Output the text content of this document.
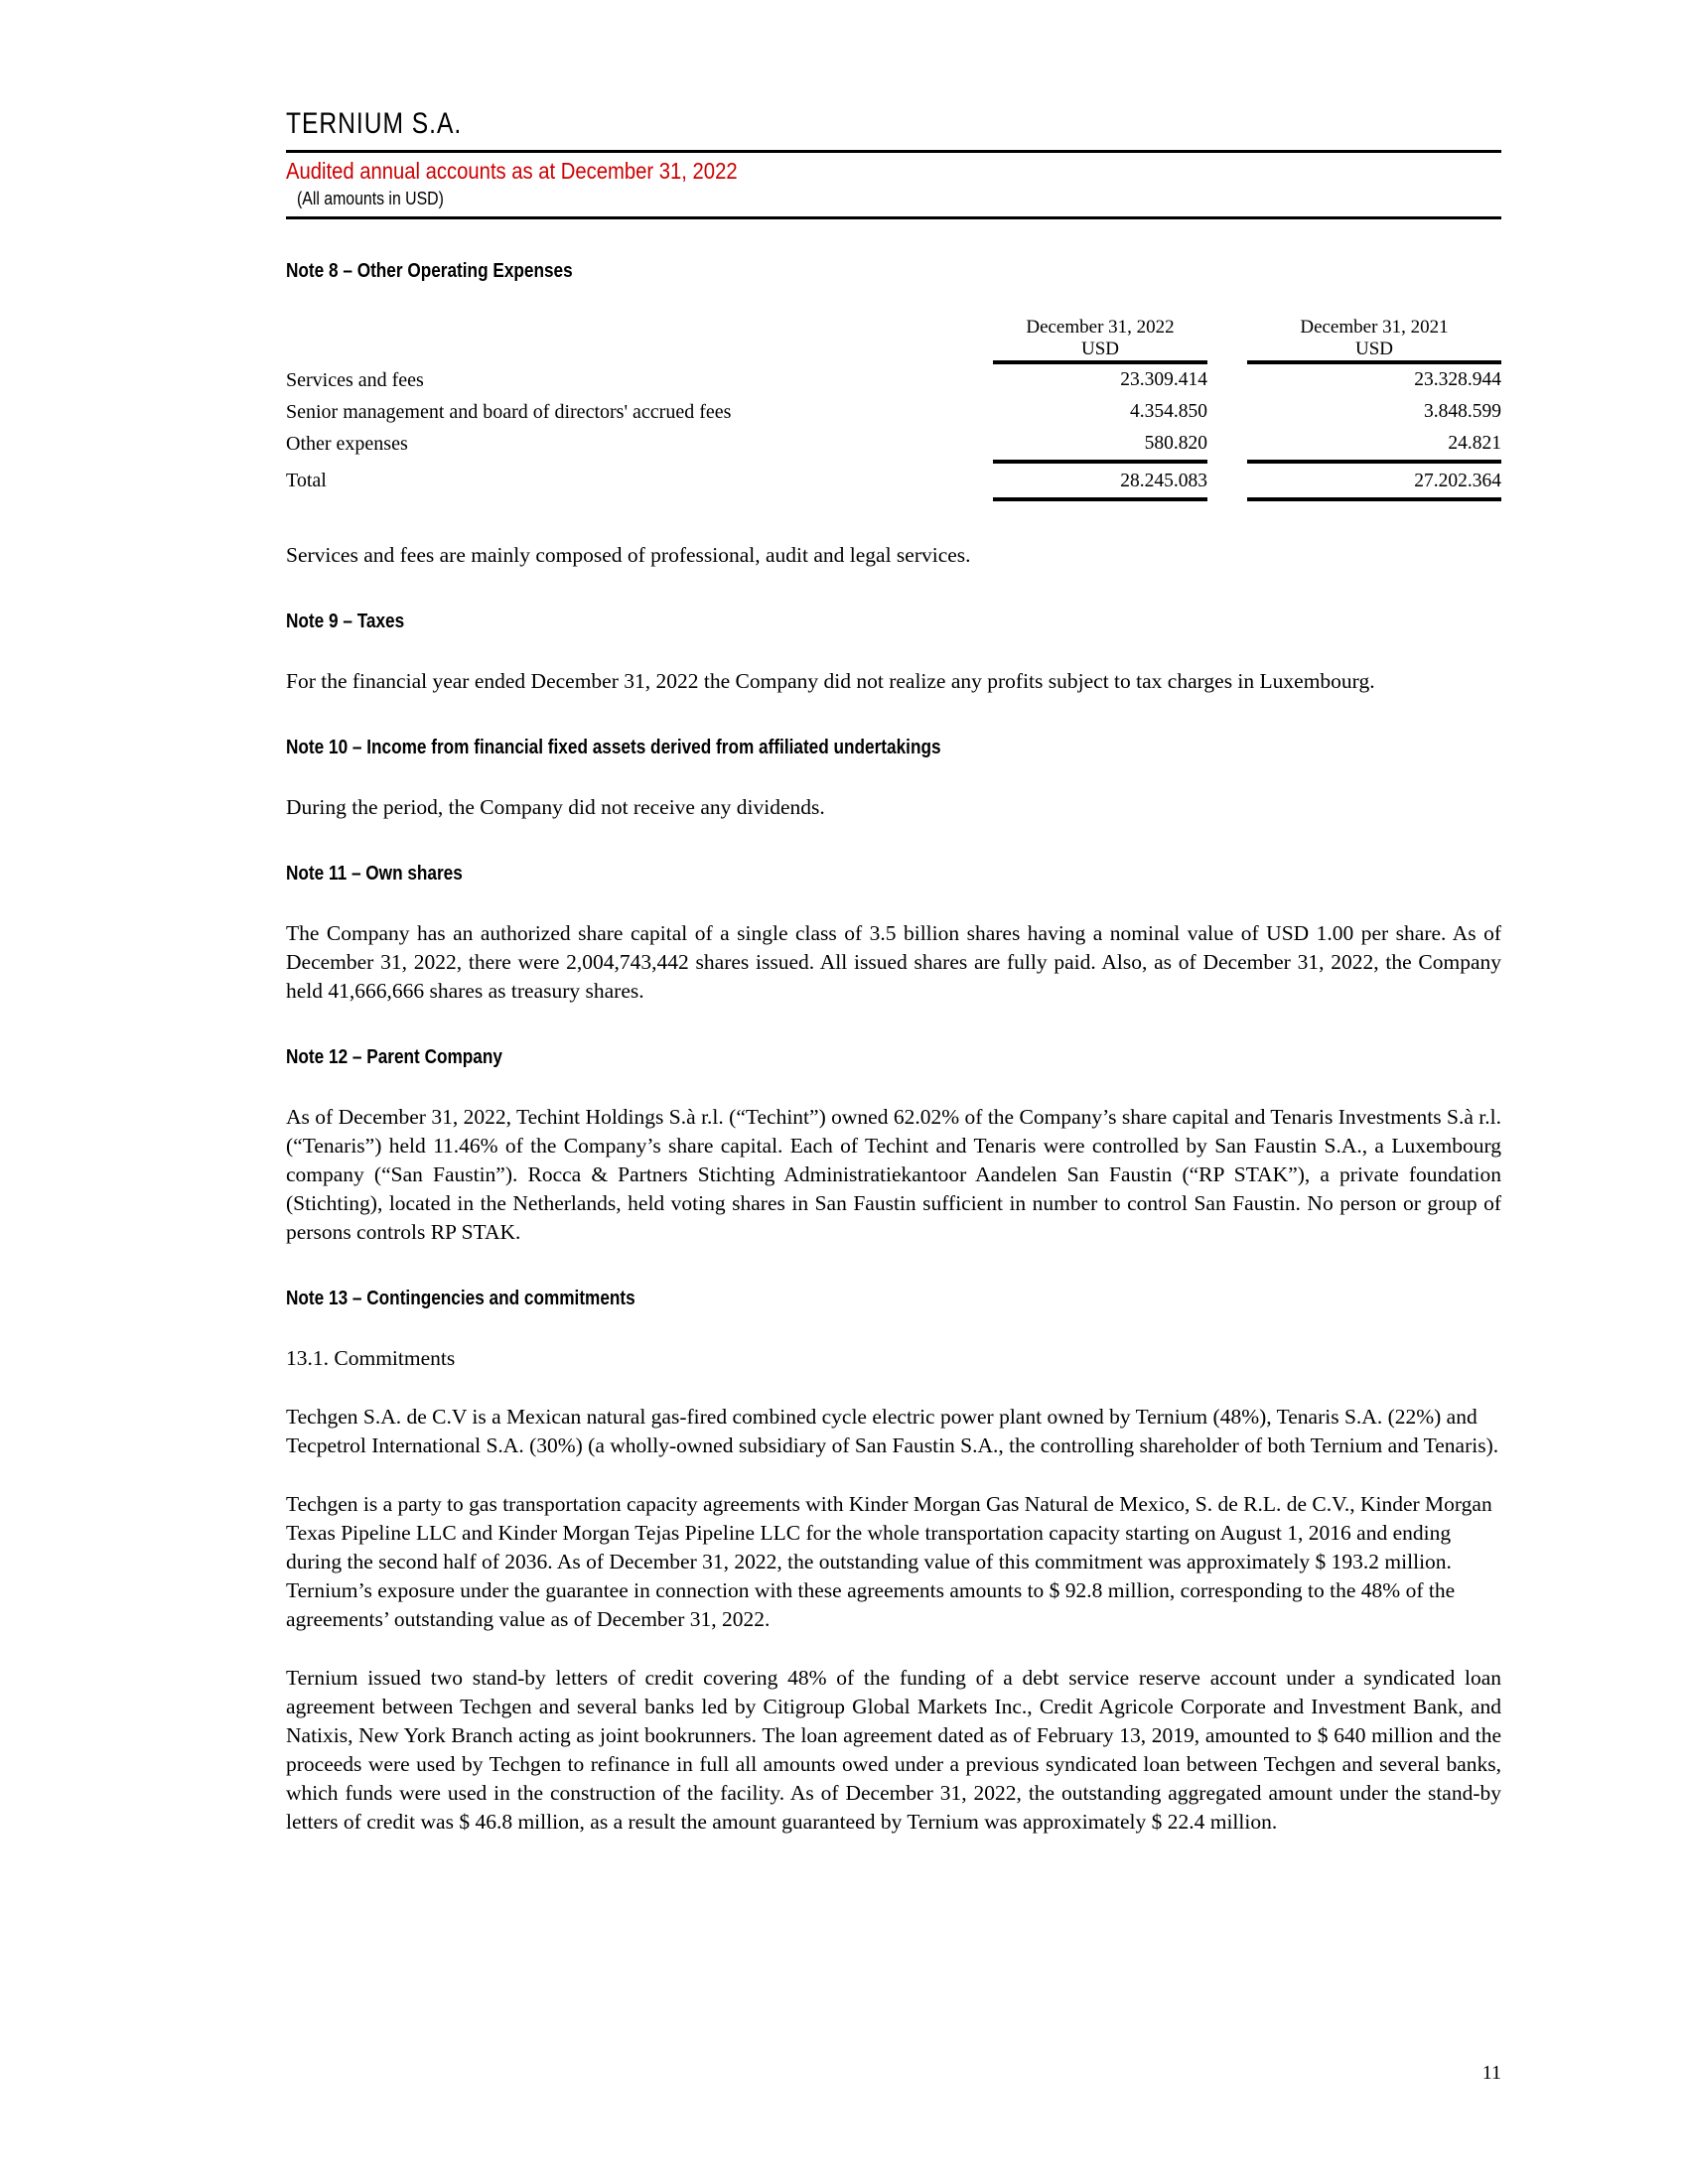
TERNIUM S.A.
Audited annual accounts as at December 31, 2022
(All amounts in USD)
Note 8 – Other Operating Expenses
		December 31, 2022		December 31, 2021
		USD		USD

Services and fees		23.309.414		23.328.944
Senior management and board of directors' accrued fees		4.354.850		3.848.599
Other expenses		580.820		24.821

Total		28.245.083		27.202.364

Services and fees are mainly composed of professional, audit and legal services.

Note 9 – Taxes

For the financial year ended December 31, 2022 the Company did not realize any profits subject to tax charges in Luxembourg.

Note 10 – Income from financial fixed assets derived from affiliated undertakings

During the period, the Company did not receive any dividends.

Note 11 – Own shares

The Company has an authorized share capital of a single class of 3.5 billion shares having a nominal value of USD 1.00 per share. As of December 31, 2022, there were 2,004,743,442 shares issued. All issued shares are fully paid. Also, as of December 31, 2022, the Company held 41,666,666 shares as treasury shares.

Note 12 – Parent Company

As of December 31, 2022, Techint Holdings S.à r.l. (“Techint”) owned 62.02% of the Company’s share capital and Tenaris Investments S.à r.l. (“Tenaris”) held 11.46% of the Company’s share capital. Each of Techint and Tenaris were controlled by San Faustin S.A., a Luxembourg company (“San Faustin”). Rocca & Partners Stichting Administratiekantoor Aandelen San Faustin (“RP STAK”), a private foundation (Stichting), located in the Netherlands, held voting shares in San Faustin sufficient in number to control San Faustin. No person or group of persons controls RP STAK.

Note 13 – Contingencies and commitments

13.1. Commitments

Techgen S.A. de C.V is a Mexican natural gas-fired combined cycle electric power plant owned by Ternium (48%), Tenaris S.A. (22%) and Tecpetrol International S.A. (30%) (a wholly-owned subsidiary of San Faustin S.A., the controlling shareholder of both Ternium and Tenaris).

Techgen is a party to gas transportation capacity agreements with Kinder Morgan Gas Natural de Mexico, S. de R.L. de C.V., Kinder Morgan Texas Pipeline LLC and Kinder Morgan Tejas Pipeline LLC for the whole transportation capacity starting on August 1, 2016 and ending during the second half of 2036. As of December 31, 2022, the outstanding value of this commitment was approximately $ 193.2 million. Ternium’s exposure under the guarantee in connection with these agreements amounts to $ 92.8 million, corresponding to the 48% of the agreements’ outstanding value as of December 31, 2022.

Ternium issued two stand-by letters of credit covering 48% of the funding of a debt service reserve account under a syndicated loan agreement between Techgen and several banks led by Citigroup Global Markets Inc., Credit Agricole Corporate and Investment Bank, and Natixis, New York Branch acting as joint bookrunners. The loan agreement dated as of February 13, 2019, amounted to $ 640 million and the proceeds were used by Techgen to refinance in full all amounts owed under a previous syndicated loan between Techgen and several banks, which funds were used in the construction of the facility. As of December 31, 2022, the outstanding aggregated amount under the stand-by letters of credit was $ 46.8 million, as a result the amount guaranteed by Ternium was approximately $ 22.4 million.

11
